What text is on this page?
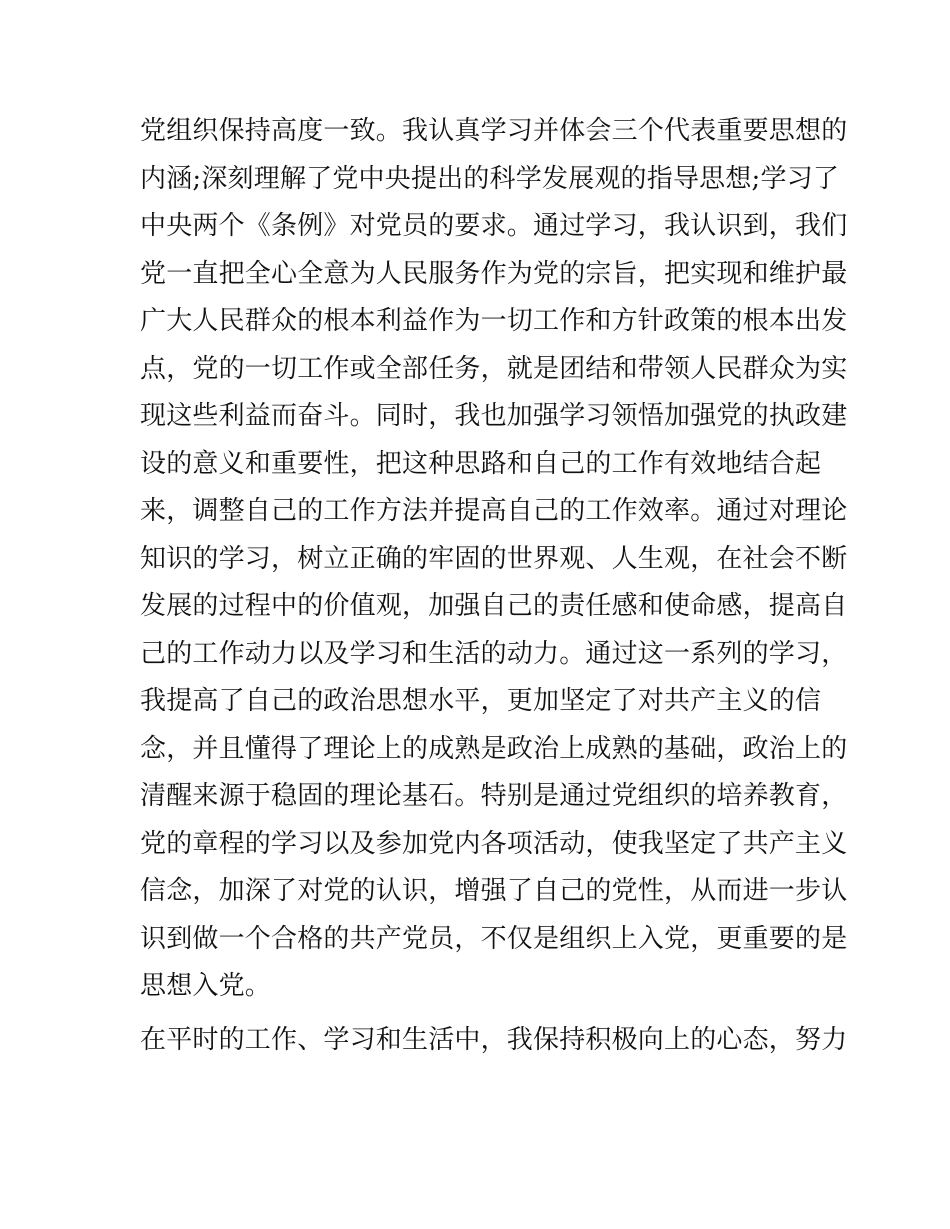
党组织保持高度一致。我认真学习并体会三个代表重要思想的
内涵;深刻理解了党中央提出的科学发展观的指导思想;学习了
中央两个《条例》对党员的要求。通过学习，我认识到，我们
党一直把全心全意为人民服务作为党的宗旨，把实现和维护最
广大人民群众的根本利益作为一切工作和方针政策的根本出发
点，党的一切工作或全部任务，就是团结和带领人民群众为实
现这些利益而奋斗。同时，我也加强学习领悟加强党的执政建
设的意义和重要性，把这种思路和自己的工作有效地结合起
来，调整自己的工作方法并提高自己的工作效率。通过对理论
知识的学习，树立正确的牢固的世界观、人生观，在社会不断
发展的过程中的价值观，加强自己的责任感和使命感，提高自
己的工作动力以及学习和生活的动力。通过这一系列的学习，
我提高了自己的政治思想水平，更加坚定了对共产主义的信
念，并且懂得了理论上的成熟是政治上成熟的基础，政治上的
清醒来源于稳固的理论基石。特别是通过党组织的培养教育，
党的章程的学习以及参加党内各项活动，使我坚定了共产主义
信念，加深了对党的认识，增强了自己的党性，从而进一步认
识到做一个合格的共产党员，不仅是组织上入党，更重要的是
思想入党。
在平时的工作、学习和生活中，我保持积极向上的心态，努力
